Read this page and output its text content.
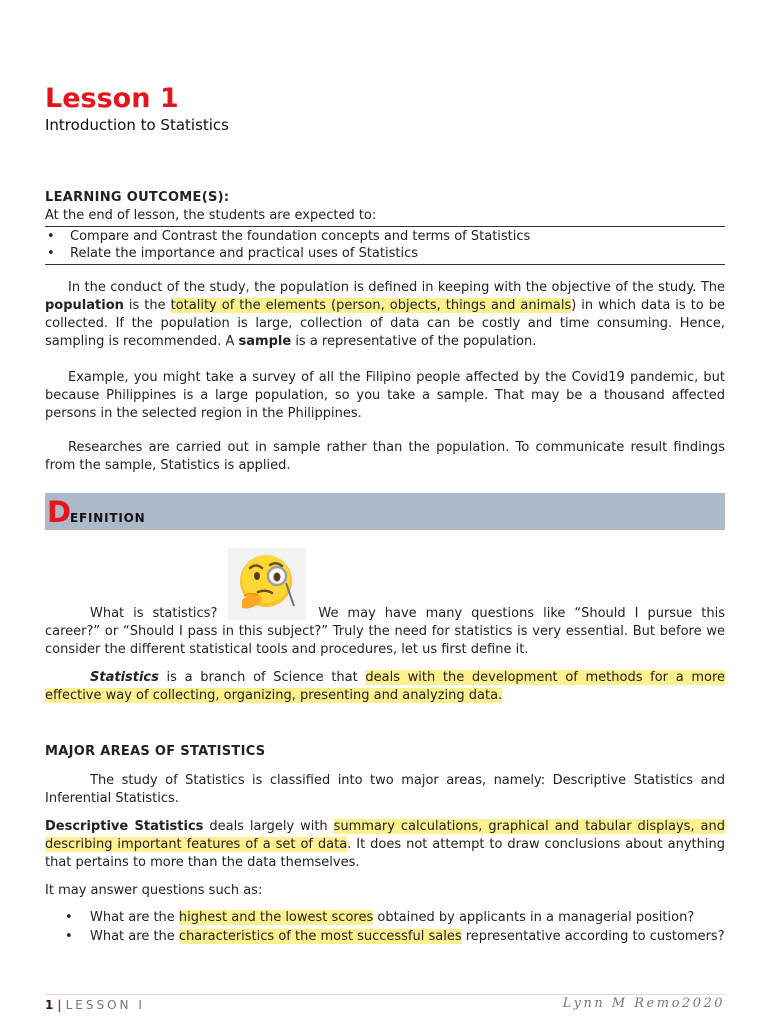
Lesson 1
Introduction to Statistics
LEARNING OUTCOME(S):
At the end of lesson, the students are expected to:
• Compare and Contrast the foundation concepts and terms of Statistics
• Relate the importance and practical uses of Statistics

In the conduct of the study, the population is defined in keeping with the objective of the study. The population is the totality of the elements (person, objects, things and animals) in which data is to be collected. If the population is large, collection of data can be costly and time consuming. Hence, sampling is recommended. A sample is a representative of the population.

Example, you might take a survey of all the Filipino people affected by the Covid19 pandemic, but because Philippines is a large population, so you take a sample. That may be a thousand affected persons in the selected region in the Philippines.

Researches are carried out in sample rather than the population. To communicate result findings from the sample, Statistics is applied.

D
EFINITION

What is statistics?	We may have many questions like “Should I pursue this career?” or “Should I pass in this subject?” Truly the need for statistics is very essential. But before we consider the different statistical tools and procedures, let us first define it.

Statistics is a branch of Science that deals with the development of methods for a more effective way of collecting, organizing, presenting and analyzing data.

MAJOR AREAS OF STATISTICS

The study of Statistics is classified into two major areas, namely: Descriptive Statistics and Inferential Statistics.

Descriptive Statistics deals largely with summary calculations, graphical and tabular displays, and describing important features of a set of data. It does not attempt to draw conclusions about anything that pertains to more than the data themselves.

It may answer questions such as:

• What are the highest and the lowest scores obtained by applicants in a managerial position?
• What are the characteristics of the most successful sales representative according to customers?
1 | LESSON I	Lynn M Remo2020
